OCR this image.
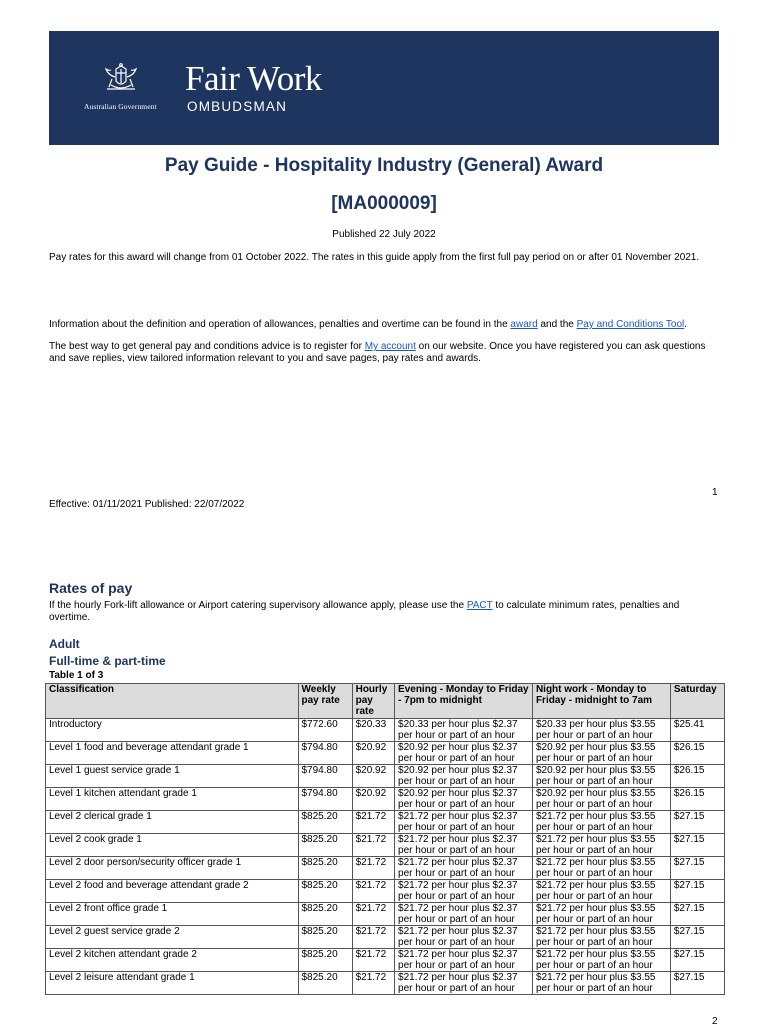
Australian Government
Fair Work
OMBUDSMAN
Pay Guide - Hospitality Industry (General) Award
[MA000009]
Published 22 July 2022
Pay rates for this award will change from 01 October 2022. The rates in this guide apply from the first full pay period on or after 01 November 2021.
Information about the definition and operation of allowances, penalties and overtime can be found in the award and the Pay and Conditions Tool.
The best way to get general pay and conditions advice is to register for My account on our website. Once you have registered you can ask questions and save replies, view tailored information relevant to you and save pages, pay rates and awards.
1
Effective: 01/11/2021 Published: 22/07/2022
Rates of pay
If the hourly Fork-lift allowance or Airport catering supervisory allowance apply, please use the PACT to calculate minimum rates, penalties and overtime.
Adult
Full-time & part-time
Table 1 of 3
Classification	Weekly pay rate	Hourly pay rate	Evening - Monday to Friday - 7pm to midnight	Night work - Monday to Friday - midnight to 7am	Saturday
Introductory	$772.60	$20.33	$20.33 per hour plus $2.37 per hour or part of an hour	$20.33 per hour plus $3.55 per hour or part of an hour	$25.41
Level 1 food and beverage attendant grade 1	$794.80	$20.92	$20.92 per hour plus $2.37 per hour or part of an hour	$20.92 per hour plus $3.55 per hour or part of an hour	$26.15
Level 1 guest service grade 1	$794.80	$20.92	$20.92 per hour plus $2.37 per hour or part of an hour	$20.92 per hour plus $3.55 per hour or part of an hour	$26.15
Level 1 kitchen attendant grade 1	$794.80	$20.92	$20.92 per hour plus $2.37 per hour or part of an hour	$20.92 per hour plus $3.55 per hour or part of an hour	$26.15
Level 2 clerical grade 1	$825.20	$21.72	$21.72 per hour plus $2.37 per hour or part of an hour	$21.72 per hour plus $3.55 per hour or part of an hour	$27.15
Level 2 cook grade 1	$825.20	$21.72	$21.72 per hour plus $2.37 per hour or part of an hour	$21.72 per hour plus $3.55 per hour or part of an hour	$27.15
Level 2 door person/security officer grade 1	$825.20	$21.72	$21.72 per hour plus $2.37 per hour or part of an hour	$21.72 per hour plus $3.55 per hour or part of an hour	$27.15
Level 2 food and beverage attendant grade 2	$825.20	$21.72	$21.72 per hour plus $2.37 per hour or part of an hour	$21.72 per hour plus $3.55 per hour or part of an hour	$27.15
Level 2 front office grade 1	$825.20	$21.72	$21.72 per hour plus $2.37 per hour or part of an hour	$21.72 per hour plus $3.55 per hour or part of an hour	$27.15
Level 2 guest service grade 2	$825.20	$21.72	$21.72 per hour plus $2.37 per hour or part of an hour	$21.72 per hour plus $3.55 per hour or part of an hour	$27.15
Level 2 kitchen attendant grade 2	$825.20	$21.72	$21.72 per hour plus $2.37 per hour or part of an hour	$21.72 per hour plus $3.55 per hour or part of an hour	$27.15
Level 2 leisure attendant grade 1	$825.20	$21.72	$21.72 per hour plus $2.37 per hour or part of an hour	$21.72 per hour plus $3.55 per hour or part of an hour	$27.15
2
